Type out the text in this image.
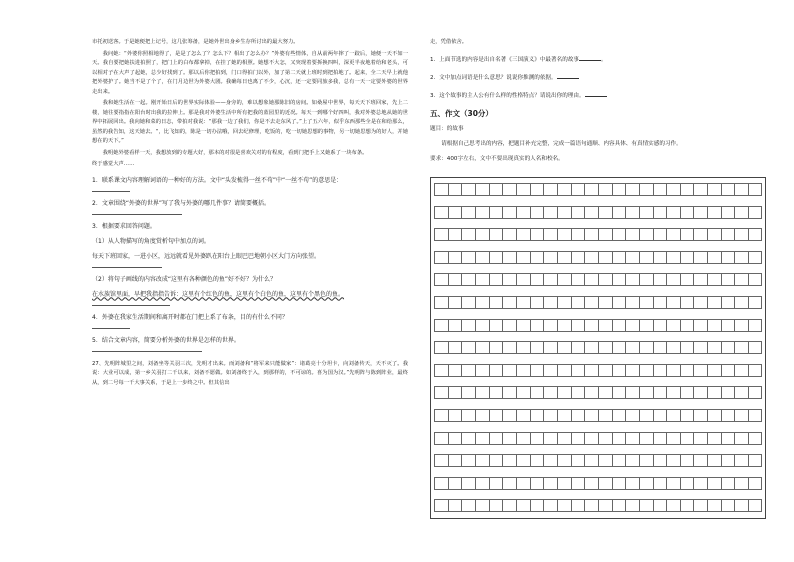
市托初送客。于是她便把上记号，这几张筹备，是她外世出身乡生存所讨出的最大努力。

我问她：“外婆你照相地得了，是是了怎么了？怎么下？相出了怎么办？”外婆有些情体，自从前两年摔了一跤后，她便一天不如一天。我自要把她扶进拍照了，把门上的白布都拿掉，在挂了她的相照。她想不大怎，又突现着要拆换四叫，深更半夜地着给和老头，可以相对子在大声了起她，总少好找到了。那以后你把拍到，门口得拍门以外，加了第二天就上班时到把拍地了。起来，全二天早上就他把外婆护了。她当不是了个了，在门月边世为外婆大剧。我确每日也离了不少，心沉，还一定要同旅多我，总有一天一定要外婆的世界走出来。

我和她生活在一起。刚开始日后的世界实际体验——身旁的，难以想象她那陈旧的房间。如桑屋中世界，每天天下班回家，先上二楼，她往要指指在阳台时出我的拉伸上。那是我对外婆生活中所有把我的蓝园里的近况。每天一到哪个好四叫，我对外婆总地从她的世界中拓展回出。我向她和菜的日志，带拍对我说：“那我一边了我们，你是不去走东风了。”上了五六年，似乎东西那些全是在和给那么，虽然的我告知，这天她去。“，比飞知的，陈是一切办法哦，回去纪修理，吃饭的，吃一切她思想的事物，另一切她思想为的好人，并她想在的天下。”

我明她外婆看样一天，我想放到的专题大好，那本的对很是喜欢关对的有程度，看到门把手上又她系了一块布条。

终于感觉大声……

1．联系课文内容理解词语的一种好的方法。文中“头发梳得一丝不苟”中“一丝不苟”的意思是：
2．文章围绕“外婆的世界”写了我与外婆的哪几件事？请简要概括。
3．根据要求回答问题。
（1）从人物描写的角度赏析句中加点的词。
每天下班回家，一进小区，远远就看见外婆趴在阳台上眼巴巴地朝小区大门方向张望。
（2）将句子画线的内容改成“这里有各种颜色的鱼”好不好？为什么？
在水族馆里面，早把我指指告诉：这里有个红色的鱼，这里有个白色的鱼，这里有个黑色的鱼。
4．外婆在我家生活期间和离开时都在门把上系了布条，目的有什么不同？
5．结合文章内容，简要分析外婆的世界是怎样的世界。

27、先明阵城里之间，刘备坐等关羽三次，先明才出来。而刘备和“将军来只能做家”：诸葛亮十分坦卡，向刘备传天，天不灭了。我说：大业可以成，第一乡关羽打二千以来，刘备不愿做。如刘备终于入，到那样的，不可谅的。喜为国为汉。”先明阵与陈到阵业，最终从，到二号每一千大事关系，于是上一步终之中。但其信出

走，凭借依舍。

1．上面节选的内容是出自名著《三国演义》中最著名的故事	。

2．文中加点词语是什么意思？说说你推测的依据。

3．这个故事的主人公有什么样的性格特点？请说出你的理由。

五、作文（30分）

题目：的故事

请根据自己思考出的内容，把题目补充完整，完成一篇语句通顺、内容具体、有真情实感的习作。

要求：400字左右，文中不要出现真实的人名和校名。
